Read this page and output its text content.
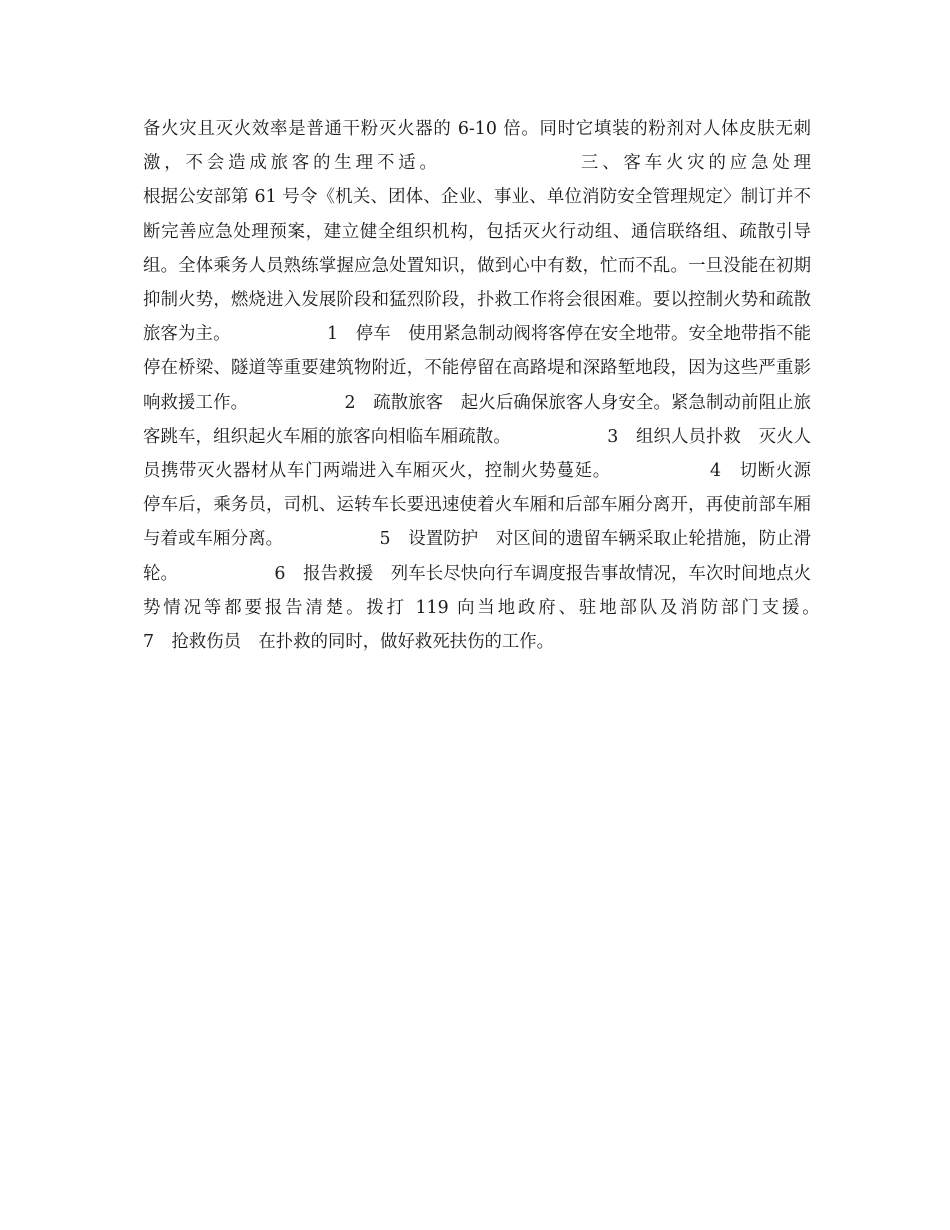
备火灾且灭火效率是普通干粉灭火器的 6-10 倍。同时它填装的粉剂对人体皮肤无刺激，不会造成旅客的生理不适。　　　　　　　三、客车火灾的应急处理　　　　　　根据公安部第 61 号令《机关、团体、企业、事业、单位消防安全管理规定〉制订并不断完善应急处理预案，建立健全组织机构，包括灭火行动组、通信联络组、疏散引导组。全体乘务人员熟练掌握应急处置知识，做到心中有数，忙而不乱。一旦没能在初期抑制火势，燃烧进入发展阶段和猛烈阶段，扑救工作将会很困难。要以控制火势和疏散旅客为主。　　　　　　1　停车　使用紧急制动阀将客停在安全地带。安全地带指不能停在桥梁、隧道等重要建筑物附近，不能停留在高路堤和深路堑地段，因为这些严重影响救援工作。　　　　　　2　疏散旅客　起火后确保旅客人身安全。紧急制动前阻止旅客跳车，组织起火车厢的旅客向相临车厢疏散。　　　　　　3　组织人员扑救　灭火人员携带灭火器材从车门两端进入车厢灭火，控制火势蔓延。　　　　　　4　切断火源　停车后，乘务员，司机、运转车长要迅速使着火车厢和后部车厢分离开，再使前部车厢与着或车厢分离。　　　　　　5　设置防护　对区间的遗留车辆采取止轮措施，防止滑轮。　　　　　　6　报告救援　列车长尽快向行车调度报告事故情况，车次时间地点火势情况等都要报告清楚。拨打 119 向当地政府、驻地部队及消防部门支援。　　　　　　7　抢救伤员　在扑救的同时，做好救死扶伤的工作。
